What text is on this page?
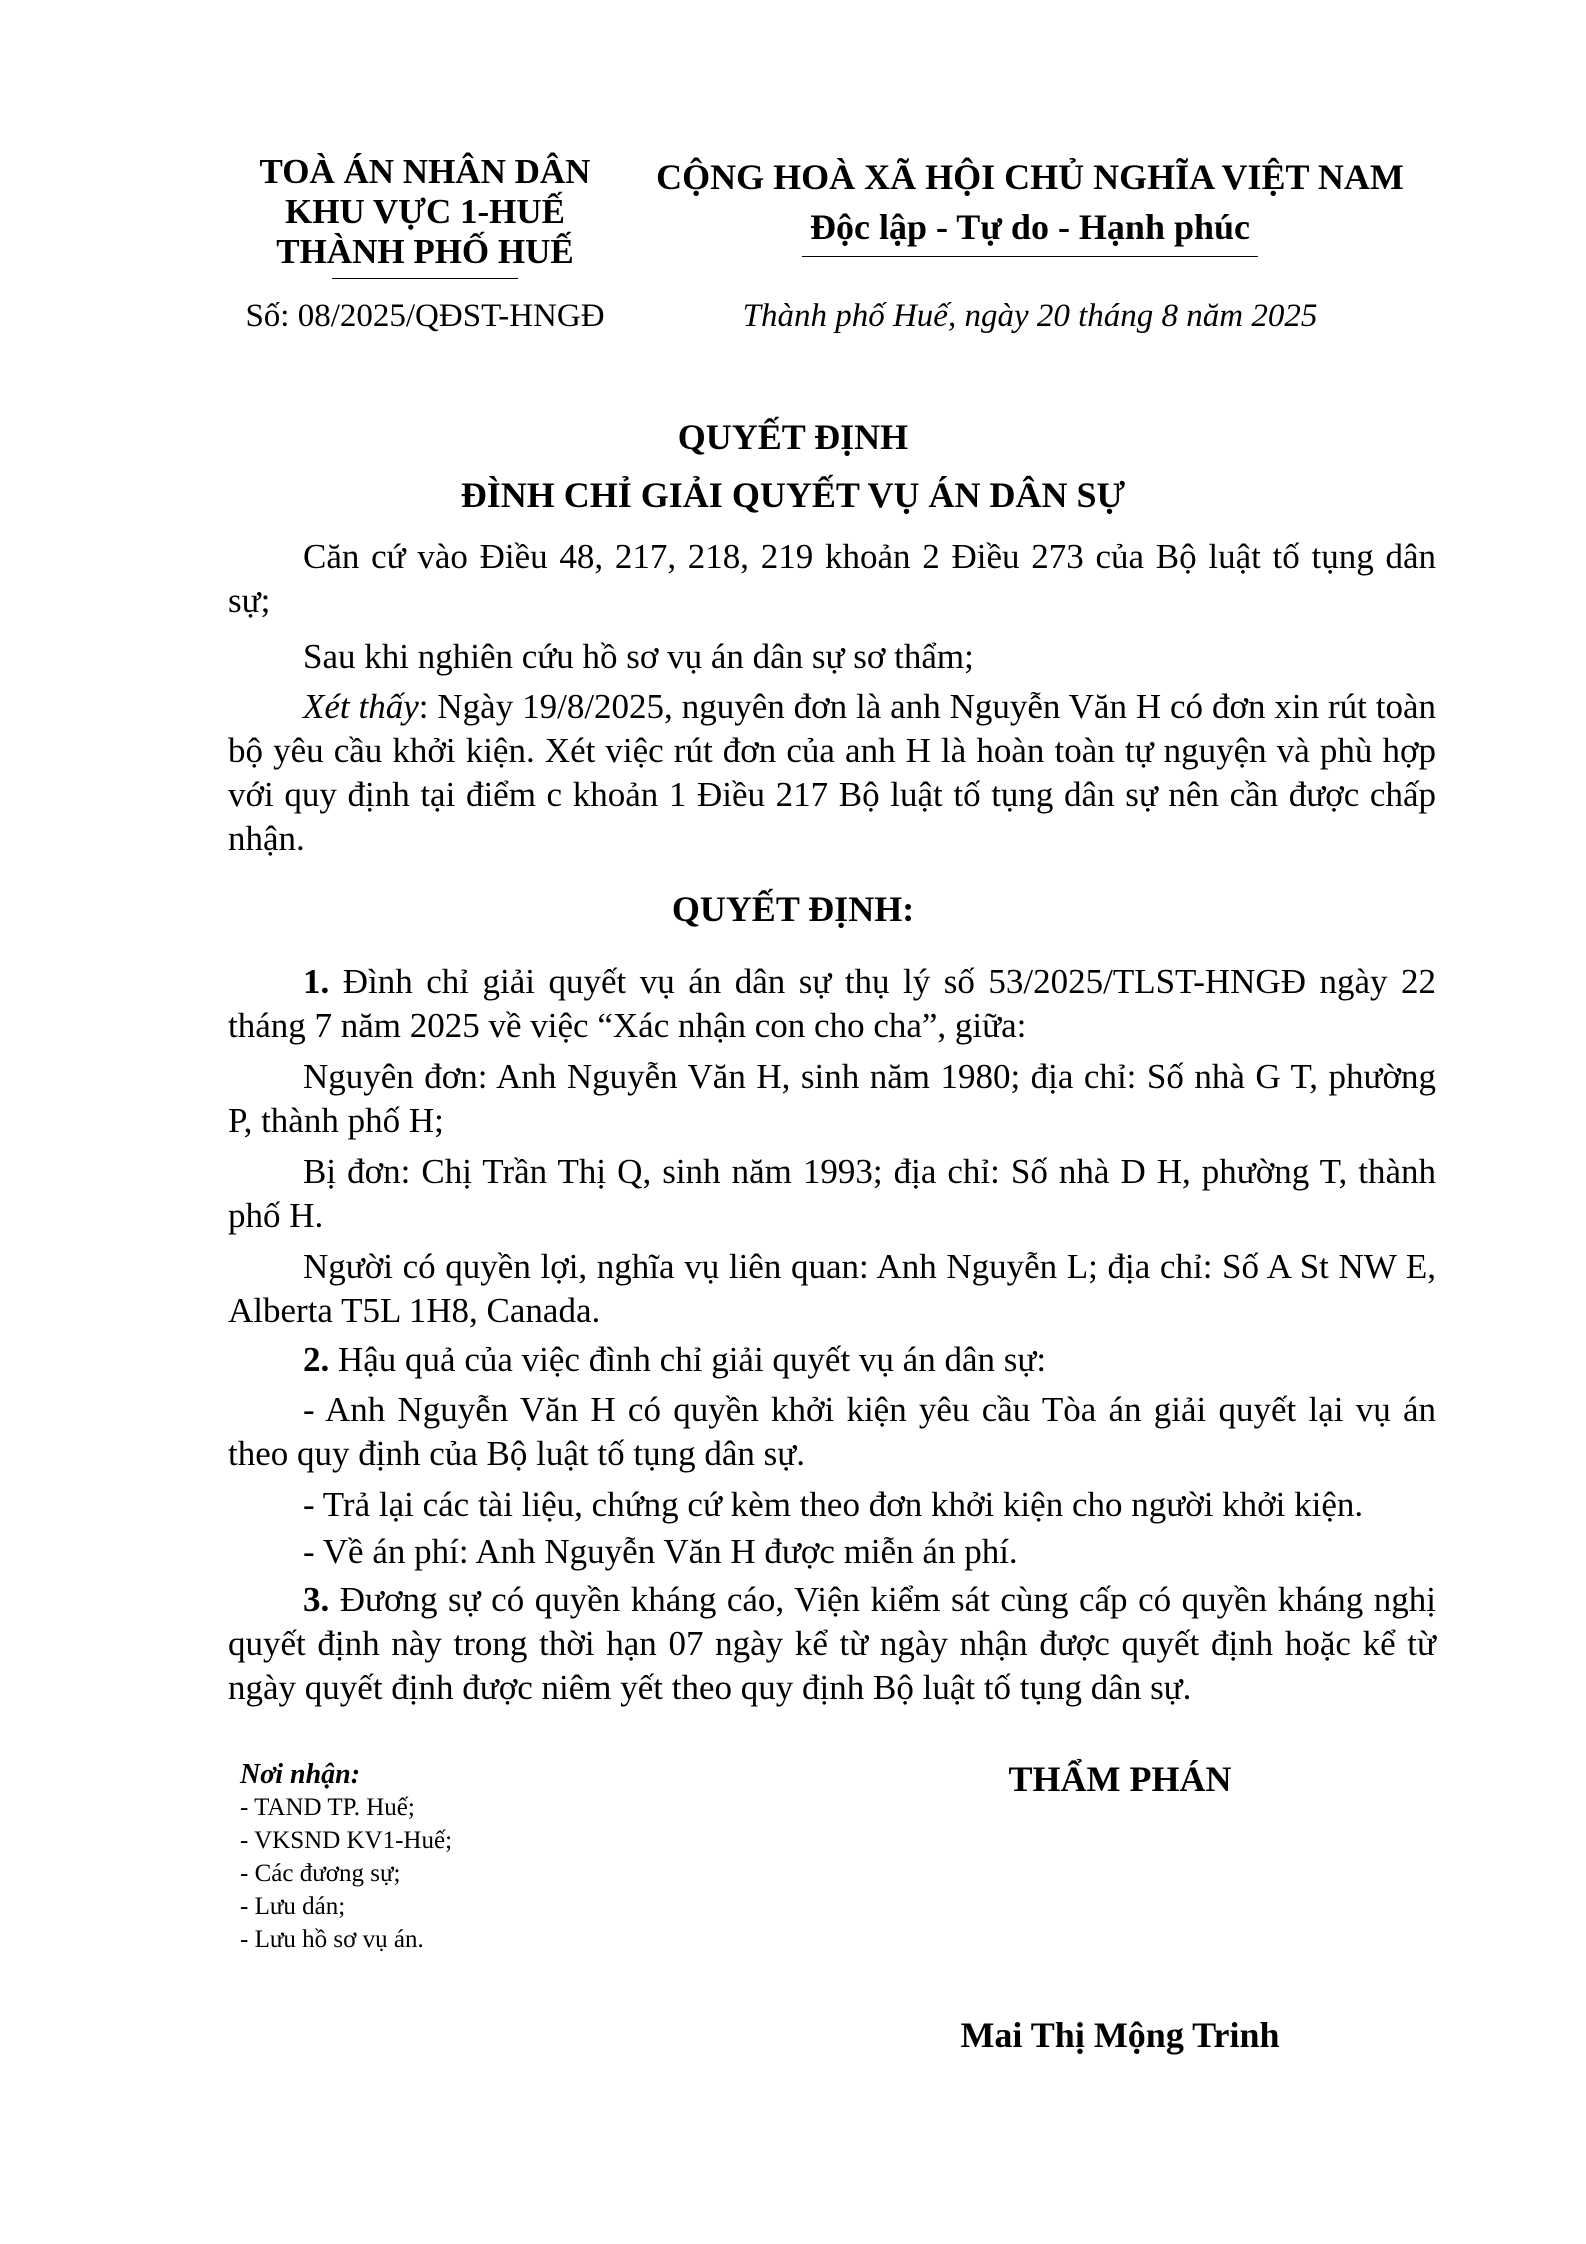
TOÀ ÁN NHÂN DÂN
KHU VỰC 1-HUẾ
THÀNH PHỐ HUẾ
CỘNG HOÀ XÃ HỘI CHỦ NGHĨA VIỆT NAM
Độc lập - Tự do - Hạnh phúc
Số: 08/2025/QĐST-HNGĐ	Thành phố Huế, ngày 20 tháng 8 năm 2025
QUYẾT ĐỊNH
ĐÌNH CHỈ GIẢI QUYẾT VỤ ÁN DÂN SỰ

Căn cứ vào Điều 48, 217, 218, 219 khoản 2 Điều 273 của Bộ luật tố tụng dân sự;

Sau khi nghiên cứu hồ sơ vụ án dân sự sơ thẩm;

Xét thấy: Ngày 19/8/2025, nguyên đơn là anh Nguyễn Văn H có đơn xin rút toàn bộ yêu cầu khởi kiện. Xét việc rút đơn của anh H là hoàn toàn tự nguyện và phù hợp với quy định tại điểm c khoản 1 Điều 217 Bộ luật tố tụng dân sự nên cần được chấp nhận.

QUYẾT ĐỊNH:

1. Đình chỉ giải quyết vụ án dân sự thụ lý số 53/2025/TLST-HNGĐ ngày 22 tháng 7 năm 2025 về việc “Xác nhận con cho cha”, giữa:

Nguyên đơn: Anh Nguyễn Văn H, sinh năm 1980; địa chỉ: Số nhà G T, phường P, thành phố H;

Bị đơn: Chị Trần Thị Q, sinh năm 1993; địa chỉ: Số nhà D H, phường T, thành phố H.

Người có quyền lợi, nghĩa vụ liên quan: Anh Nguyễn L; địa chỉ: Số A St NW E, Alberta T5L 1H8, Canada.

2. Hậu quả của việc đình chỉ giải quyết vụ án dân sự:

- Anh Nguyễn Văn H có quyền khởi kiện yêu cầu Tòa án giải quyết lại vụ án theo quy định của Bộ luật tố tụng dân sự.

- Trả lại các tài liệu, chứng cứ kèm theo đơn khởi kiện cho người khởi kiện.

- Về án phí: Anh Nguyễn Văn H được miễn án phí.

3. Đương sự có quyền kháng cáo, Viện kiểm sát cùng cấp có quyền kháng nghị quyết định này trong thời hạn 07 ngày kể từ ngày nhận được quyết định hoặc kể từ ngày quyết định được niêm yết theo quy định Bộ luật tố tụng dân sự.

Nơi nhận:
- TAND TP. Huế;
- VKSND KV1-Huế;
- Các đương sự;
- Lưu dán;
- Lưu hồ sơ vụ án.
THẨM PHÁN
Mai Thị Mộng Trinh
